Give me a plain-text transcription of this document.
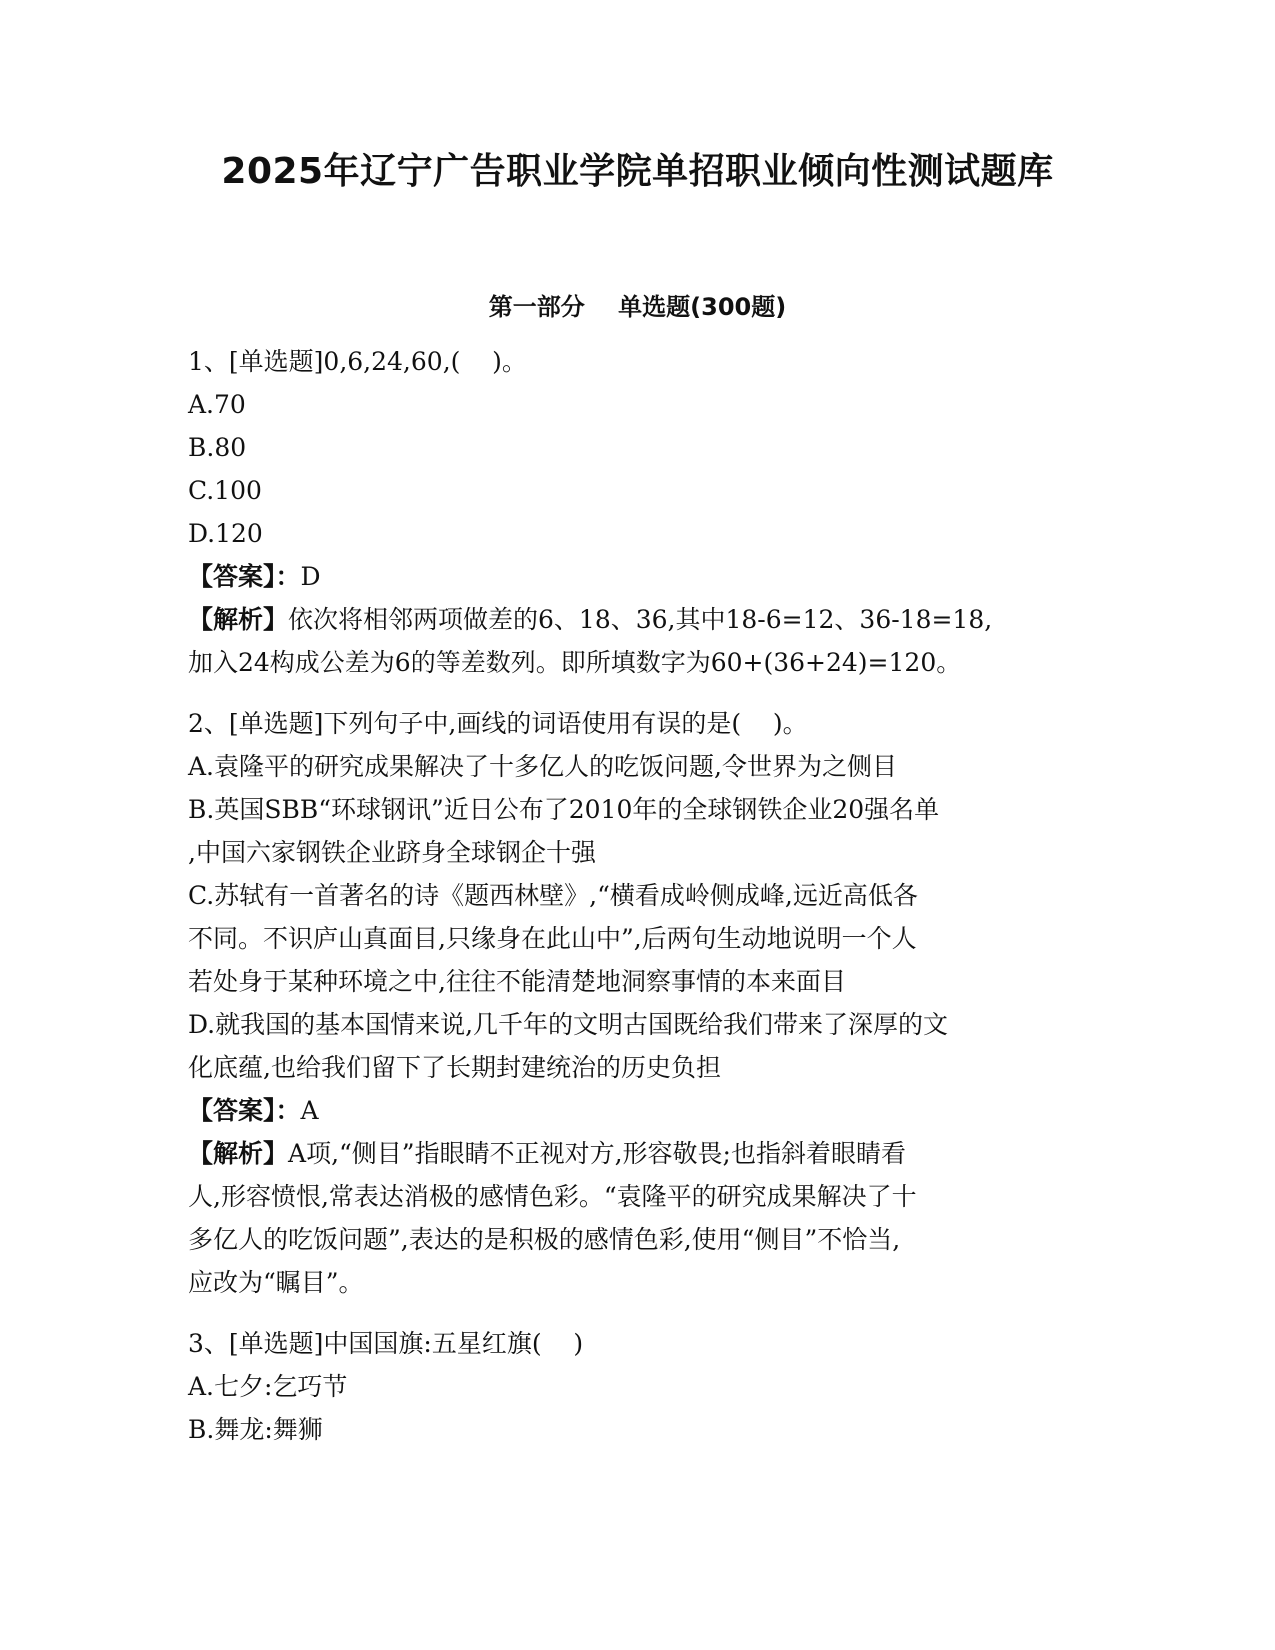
2025年辽宁广告职业学院单招职业倾向性测试题库
第一部分    单选题(300题)
1、[单选题]0,6,24,60,(    )。
A.70
B.80
C.100
D.120
【答案】：D
【解析】依次将相邻两项做差的6、18、36,其中18-6=12、36-18=18,
加入24构成公差为6的等差数列。即所填数字为60+(36+24)=120。
2、[单选题]下列句子中,画线的词语使用有误的是(    )。
A.袁隆平的研究成果解决了十多亿人的吃饭问题,令世界为之侧目
B.英国SBB“环球钢讯”近日公布了2010年的全球钢铁企业20强名单
,中国六家钢铁企业跻身全球钢企十强
C.苏轼有一首著名的诗《题西林壁》,“横看成岭侧成峰,远近高低各
不同。不识庐山真面目,只缘身在此山中”,后两句生动地说明一个人
若处身于某种环境之中,往往不能清楚地洞察事情的本来面目
D.就我国的基本国情来说,几千年的文明古国既给我们带来了深厚的文
化底蕴,也给我们留下了长期封建统治的历史负担
【答案】：A
【解析】A项,“侧目”指眼睛不正视对方,形容敬畏;也指斜着眼睛看
人,形容愤恨,常表达消极的感情色彩。“袁隆平的研究成果解决了十
多亿人的吃饭问题”,表达的是积极的感情色彩,使用“侧目”不恰当,
应改为“瞩目”。
3、[单选题]中国国旗:五星红旗(    )
A.七夕:乞巧节
B.舞龙:舞狮
